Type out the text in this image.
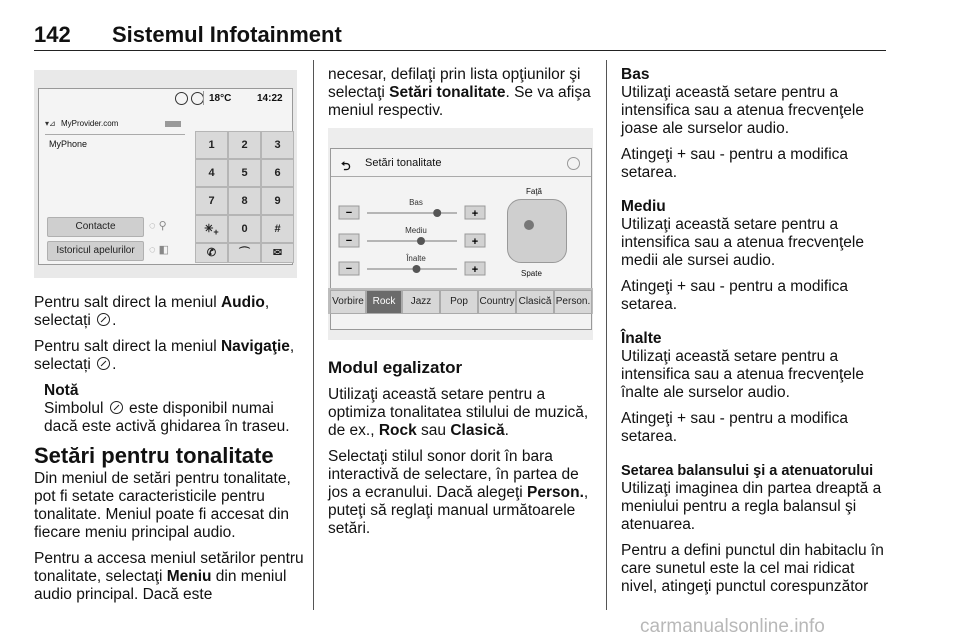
142 Sistemul Infotainment
18°C	14:22
▾⊿ MyProvider.com
MyPhone	1	2	3
4	5	6
7	8	9
$✳_+$	0	#
✆	⌒	✉
Contacte
Istoricul apelurilor
◌ ⚲
◌ ◧

Pentru salt direct la meniul Audio,
selectați .

Pentru salt direct la meniul Navigaţie,
selectați .

Notă
Simbolul  este disponibil numai
dacă este activă ghidarea în traseu.
Setări pentru tonalitate

Din meniul de setări pentru tonalitate, pot fi setate caracteristicile pentru tonalitate. Meniul poate fi accesat din fiecare meniu principal audio.

Pentru a accesa meniul setărilor pentru tonalitate, selectaţi Meniu din meniul audio principal. Dacă este

necesar, defilaţi prin lista opţiunilor şi selectaţi Setări tonalitate. Se va afişa meniul respectiv.

⮌ Setări tonalitate
Bas
−	+
Mediu
−	+
Înalte
−	+
Faţă
Spate
Vorbire Rock	Jazz	Pop	Country Clasică Person.
Modul egalizator

Utilizaţi această setare pentru a optimiza tonalitatea stilului de muzică, de ex., Rock sau Clasică.

Selectaţi stilul sonor dorit în bara interactivă de selectare, în partea de jos a ecranului. Dacă alegeţi Person., puteţi să reglaţi manual următoarele setări.

Bas

Utilizaţi această setare pentru a intensifica sau a atenua frecvenţele joase ale surselor audio.

Atingeţi + sau - pentru a modifica setarea.

Mediu

Utilizaţi această setare pentru a intensifica sau a atenua frecvenţele medii ale sursei audio.

Atingeţi + sau - pentru a modifica setarea.

Înalte

Utilizaţi această setare pentru a intensifica sau a atenua frecvenţele înalte ale surselor audio.

Atingeţi + sau - pentru a modifica setarea.

Setarea balansului şi a atenuatorului

Utilizaţi imaginea din partea dreaptă a meniului pentru a regla balansul şi atenuarea.

Pentru a defini punctul din habitaclu în care sunetul este la cel mai ridicat nivel, atingeţi punctul corespunzător

carmanualsonline.info
